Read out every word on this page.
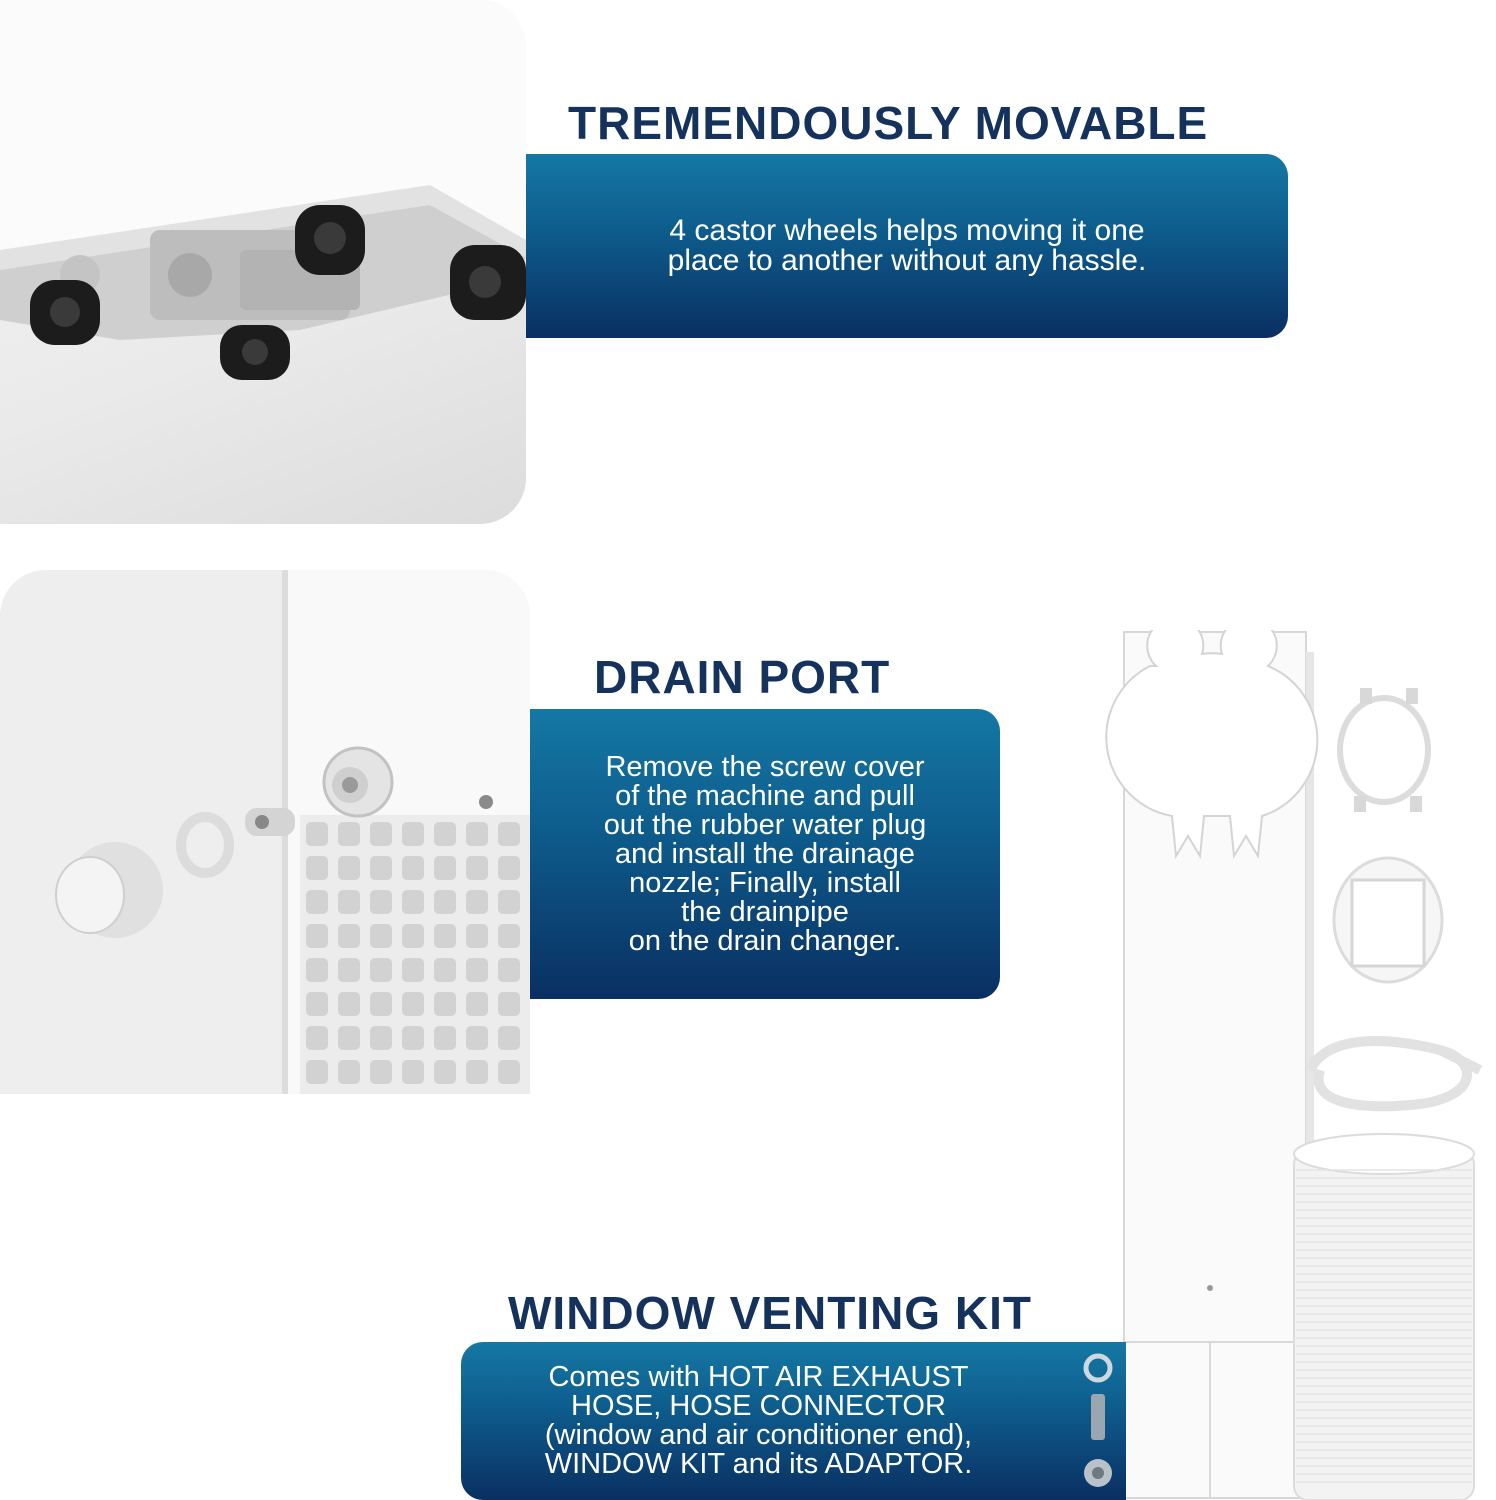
TREMENDOUSLY MOVABLE

4 castor wheels helps moving it one
place to another without any hassle.

DRAIN PORT

Remove the screw cover
of the machine and pull
out the rubber water plug
and install the drainage
nozzle; Finally, install
the drainpipe
on the drain changer.

WINDOW VENTING KIT

Comes with HOT AIR EXHAUST
HOSE, HOSE CONNECTOR
(window and air conditioner end),
WINDOW KIT and its ADAPTOR.
